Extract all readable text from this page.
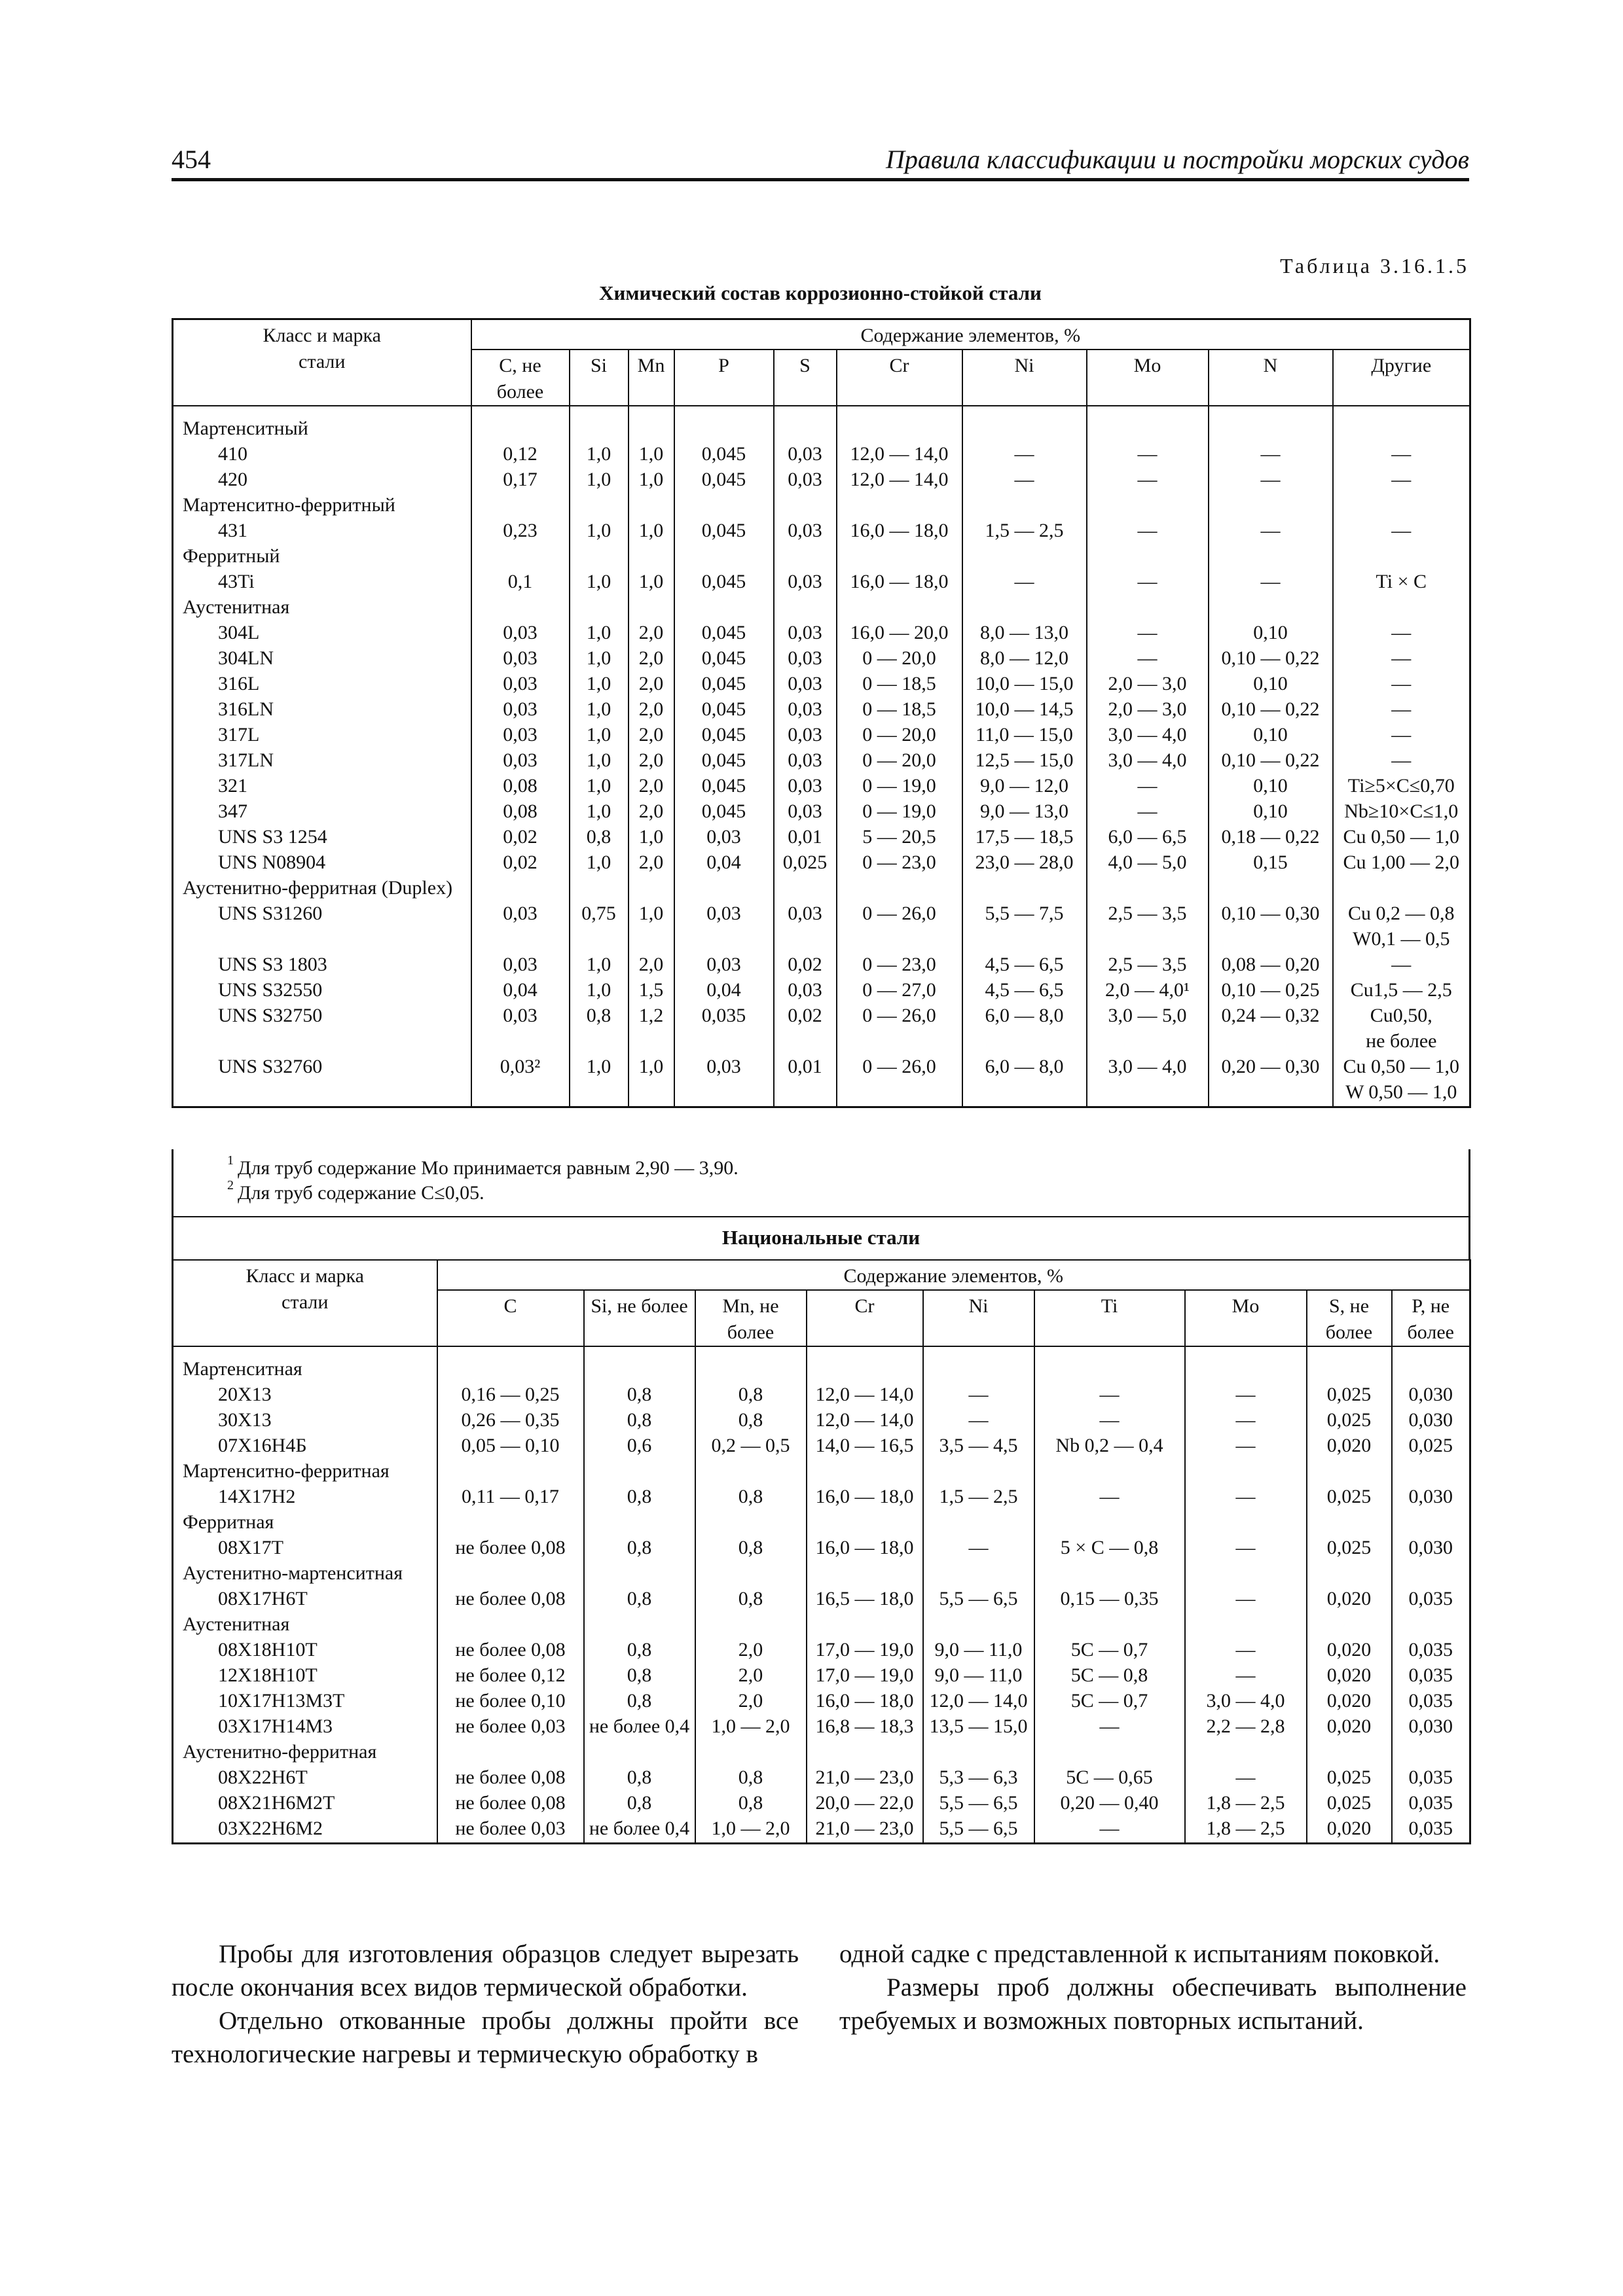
454	Правила классификации и постройки морских судов
Таблица 3.16.1.5
Химический состав коррозионно-стойкой стали
Класс и марка стали	Содержание элементов, %									
	С, не более	Si	Mn	P	S	Cr	Ni	Mo	N	Другие
Мартенситный										
410	0,12	1,0	1,0	0,045	0,03	12,0 — 14,0	—	—	—	—
420	0,17	1,0	1,0	0,045	0,03	12,0 — 14,0	—	—	—	—
Мартенситно-ферритный										
431	0,23	1,0	1,0	0,045	0,03	16,0 — 18,0	1,5 — 2,5	—	—	—
Ферритный										
43Ti	0,1	1,0	1,0	0,045	0,03	16,0 — 18,0	—	—	—	Ti × C
Аустенитная										
304L	0,03	1,0	2,0	0,045	0,03	16,0 — 20,0	8,0 — 13,0	—	0,10	—
304LN	0,03	1,0	2,0	0,045	0,03	0 — 20,0	8,0 — 12,0	—	0,10 — 0,22	—
316L	0,03	1,0	2,0	0,045	0,03	0 — 18,5	10,0 — 15,0	2,0 — 3,0	0,10	—
316LN	0,03	1,0	2,0	0,045	0,03	0 — 18,5	10,0 — 14,5	2,0 — 3,0	0,10 — 0,22	—
317L	0,03	1,0	2,0	0,045	0,03	0 — 20,0	11,0 — 15,0	3,0 — 4,0	0,10	—
317LN	0,03	1,0	2,0	0,045	0,03	0 — 20,0	12,5 — 15,0	3,0 — 4,0	0,10 — 0,22	—
321	0,08	1,0	2,0	0,045	0,03	0 — 19,0	9,0 — 12,0	—	0,10	Ti≥5×C≤0,70
347	0,08	1,0	2,0	0,045	0,03	0 — 19,0	9,0 — 13,0	—	0,10	Nb≥10×C≤1,0
UNS S3 1254	0,02	0,8	1,0	0,03	0,01	5 — 20,5	17,5 — 18,5	6,0 — 6,5	0,18 — 0,22	Cu 0,50 — 1,0
UNS N08904	0,02	1,0	2,0	0,04	0,025	0 — 23,0	23,0 — 28,0	4,0 — 5,0	0,15	Cu 1,00 — 2,0
Аустенитно-ферритная (Duplex)										
UNS S31260	0,03	0,75	1,0	0,03	0,03	0 — 26,0	5,5 — 7,5	2,5 — 3,5	0,10 — 0,30	Cu 0,2 — 0,8
										W0,1 — 0,5
UNS S3 1803	0,03	1,0	2,0	0,03	0,02	0 — 23,0	4,5 — 6,5	2,5 — 3,5	0,08 — 0,20	—
UNS S32550	0,04	1,0	1,5	0,04	0,03	0 — 27,0	4,5 — 6,5	2,0 — 4,0¹	0,10 — 0,25	Cu1,5 — 2,5
UNS S32750	0,03	0,8	1,2	0,035	0,02	0 — 26,0	6,0 — 8,0	3,0 — 5,0	0,24 — 0,32	Cu0,50,
										не более
UNS S32760	0,03²	1,0	1,0	0,03	0,01	0 — 26,0	6,0 — 8,0	3,0 — 4,0	0,20 — 0,30	Cu 0,50 — 1,0
										W 0,50 — 1,0
$^1$ Для труб содержание Mo принимается равным 2,90 — 3,90.
$^2$ Для труб содержание С≤0,05.
Национальные стали
Класс и марка стали	Содержание элементов, %								
	С	Si, не более	Mn, не более	Cr	Ni	Ti	Mo	S, не более	P, не более
Мартенситная									
20Х13	0,16 — 0,25	0,8	0,8	12,0 — 14,0	—	—	—	0,025	0,030
30Х13	0,26 — 0,35	0,8	0,8	12,0 — 14,0	—	—	—	0,025	0,030
07Х16Н4Б	0,05 — 0,10	0,6	0,2 — 0,5	14,0 — 16,5	3,5 — 4,5	Nb 0,2 — 0,4	—	0,020	0,025
Мартенситно-ферритная									
14Х17Н2	0,11 — 0,17	0,8	0,8	16,0 — 18,0	1,5 — 2,5	—	—	0,025	0,030
Ферритная									
08Х17Т	не более 0,08	0,8	0,8	16,0 — 18,0	—	5 × С — 0,8	—	0,025	0,030
Аустенитно-мартенситная									
08Х17Н6Т	не более 0,08	0,8	0,8	16,5 — 18,0	5,5 — 6,5	0,15 — 0,35	—	0,020	0,035
Аустенитная									
08Х18Н10Т	не более 0,08	0,8	2,0	17,0 — 19,0	9,0 — 11,0	5С — 0,7	—	0,020	0,035
12Х18Н10Т	не более 0,12	0,8	2,0	17,0 — 19,0	9,0 — 11,0	5С — 0,8	—	0,020	0,035
10Х17Н13М3Т	не более 0,10	0,8	2,0	16,0 — 18,0	12,0 — 14,0	5С — 0,7	3,0 — 4,0	0,020	0,035
03Х17Н14М3	не более 0,03	не более 0,4	1,0 — 2,0	16,8 — 18,3	13,5 — 15,0	—	2,2 — 2,8	0,020	0,030
Аустенитно-ферритная									
08Х22Н6Т	не более 0,08	0,8	0,8	21,0 — 23,0	5,3 — 6,3	5С — 0,65	—	0,025	0,035
08Х21Н6М2Т	не более 0,08	0,8	0,8	20,0 — 22,0	5,5 — 6,5	0,20 — 0,40	1,8 — 2,5	0,025	0,035
03Х22Н6М2	не более 0,03	не более 0,4	1,0 — 2,0	21,0 — 23,0	5,5 — 6,5	—	1,8 — 2,5	0,020	0,035

Пробы для изготовления образцов следует вырезать после окончания всех видов термической обработки.

Отдельно откованные пробы должны пройти все технологические нагревы и термическую обработку в

одной садке с представленной к испытаниям поковкой.

Размеры проб должны обеспечивать выполнение требуемых и возможных повторных испытаний.
